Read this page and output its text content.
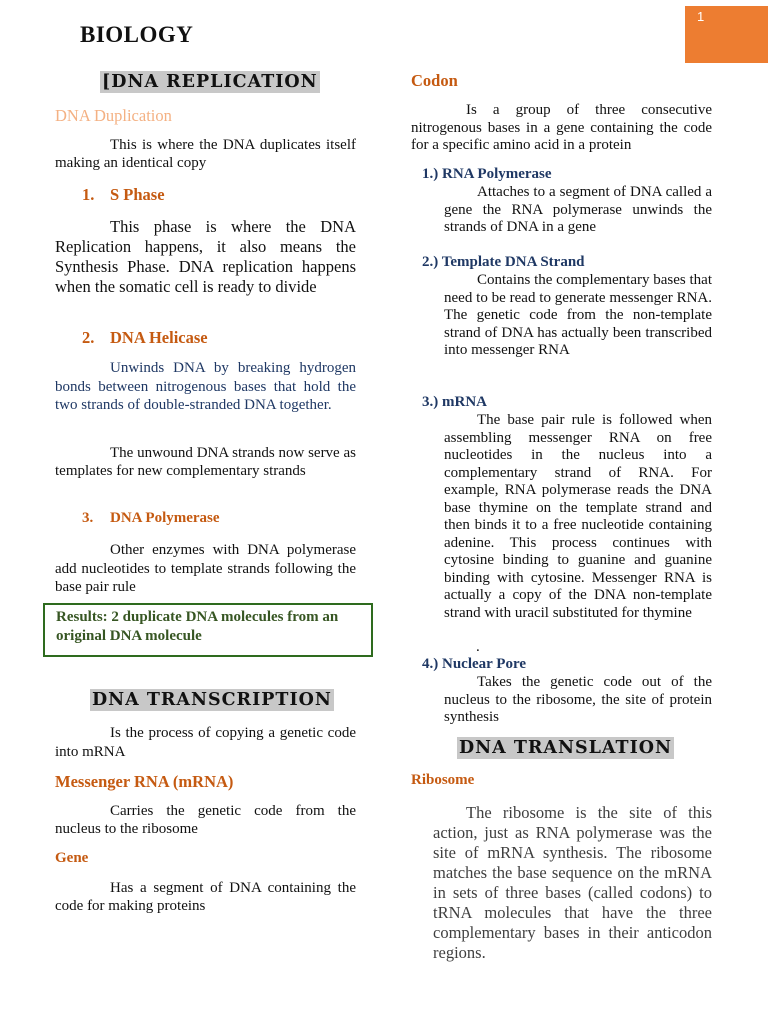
BIOLOGY
1
[DNA REPLICATION
DNA Duplication

This is where the DNA duplicates itself making an identical copy

1. S Phase

This phase is where the DNA Replication happens, it also means the Synthesis Phase. DNA replication happens when the somatic cell is ready to divide

2. DNA Helicase

Unwinds DNA by breaking hydrogen bonds between nitrogenous bases that hold the two strands of double-stranded DNA together.

The unwound DNA strands now serve as templates for new complementary strands

3. DNA Polymerase

Other enzymes with DNA polymerase add nucleotides to template strands following the base pair rule

Results: 2 duplicate DNA molecules from an original DNA molecule
DNA TRANSCRIPTION

Is the process of copying a genetic code into mRNA

Messenger RNA (mRNA)

Carries the genetic code from the nucleus to the ribosome

Gene

Has a segment of DNA containing the code for making proteins

Codon

Is a group of three consecutive nitrogenous bases in a gene containing the code for a specific amino acid in a protein

1.) RNA Polymerase

Attaches to a segment of DNA called a gene the RNA polymerase unwinds the strands of DNA in a gene

2.) Template DNA Strand

Contains the complementary bases that need to be read to generate messenger RNA. The genetic code from the non-template strand of DNA has actually been transcribed into messenger RNA

3.) mRNA

The base pair rule is followed when assembling messenger RNA on free nucleotides in the nucleus into a complementary strand of RNA. For example, RNA polymerase reads the DNA base thymine on the template strand and then binds it to a free nucleotide containing adenine. This process continues with cytosine binding to guanine and guanine binding with cytosine. Messenger RNA is actually a copy of the DNA non-template strand with uracil substituted for thymine

.
4.) Nuclear Pore

Takes the genetic code out of the nucleus to the ribosome, the site of protein synthesis

DNA TRANSLATION
Ribosome

The ribosome is the site of this action, just as RNA polymerase was the site of mRNA synthesis. The ribosome matches the base sequence on the mRNA in sets of three bases (called codons) to tRNA molecules that have the three complementary bases in their anticodon regions.
